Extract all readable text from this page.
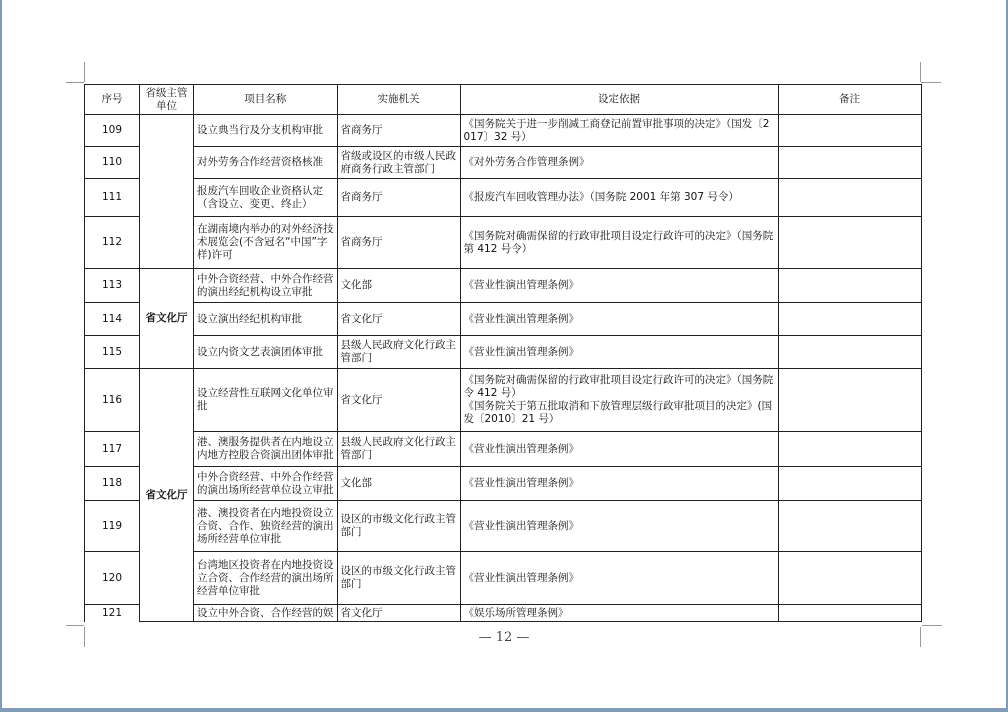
序号	省级主管单位	项目名称	实施机关	设定依据	备注
109		设立典当行及分支机构审批	省商务厅	《国务院关于进一步削减工商登记前置审批事项的决定》（国发〔2017〕32 号）	
110		对外劳务合作经营资格核准	省级或设区的市级人民政府商务行政主管部门	《对外劳务合作管理条例》	
111		报废汽车回收企业资格认定（含设立、变更、终止）	省商务厅	《报废汽车回收管理办法》（国务院 2001 年第 307 号令）	
112		在湖南境内举办的对外经济技术展览会(不含冠名“中国”字样)许可	省商务厅	《国务院对确需保留的行政审批项目设定行政许可的决定》（国务院第 412 号令）	
113	省文化厅	中外合资经营、中外合作经营的演出经纪机构设立审批	文化部	《营业性演出管理条例》	
114		设立演出经纪机构审批	省文化厅	《营业性演出管理条例》	
115		设立内资文艺表演团体审批	县级人民政府文化行政主管部门	《营业性演出管理条例》	
116	省文化厅	设立经营性互联网文化单位审批	省文化厅	《国务院对确需保留的行政审批项目设定行政许可的决定》（国务院令 412 号）
《国务院关于第五批取消和下放管理层级行政审批项目的决定》(国发〔2010〕21 号）	

117		港、澳服务提供者在内地设立内地方控股合资演出团体审批	县级人民政府文化行政主管部门	《营业性演出管理条例》	
118		中外合资经营、中外合作经营的演出场所经营单位设立审批	文化部	《营业性演出管理条例》	
119		港、澳投资者在内地投资设立合资、合作、独资经营的演出场所经营单位审批	设区的市级文化行政主管部门	《营业性演出管理条例》	
120		台湾地区投资者在内地投资设立合资、合作经营的演出场所经营单位审批	设区的市级文化行政主管部门	《营业性演出管理条例》	
121		设立中外合资、合作经营的娱	省文化厅	《娱乐场所管理条例》	
— 12 —
